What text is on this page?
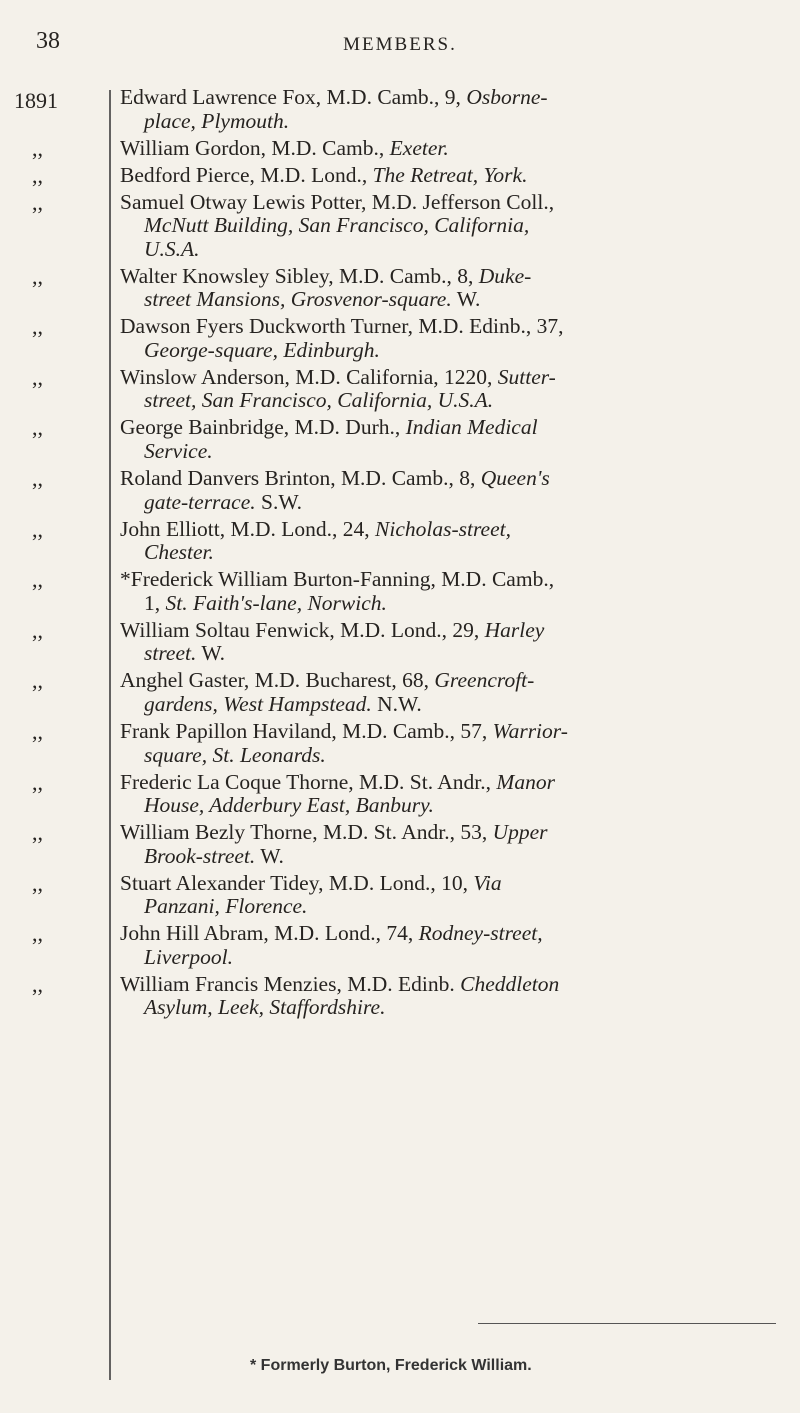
38	MEMBERS.
1891	Edward Lawrence Fox, M.D. Camb., 9, Osborne-
place, Plymouth.
,,	William Gordon, M.D. Camb., Exeter.
,,	Bedford Pierce, M.D. Lond., The Retreat, York.
,,	Samuel Otway Lewis Potter, M.D. Jefferson Coll.,
McNutt Building, San Francisco, California,
U.S.A.
,,	Walter Knowsley Sibley, M.D. Camb., 8, Duke-
street Mansions, Grosvenor-square. W.
,,	Dawson Fyers Duckworth Turner, M.D. Edinb., 37,
George-square, Edinburgh.
,,	Winslow Anderson, M.D. California, 1220, Sutter-
street, San Francisco, California, U.S.A.
,,	George Bainbridge, M.D. Durh., Indian Medical
Service.
,,	Roland Danvers Brinton, M.D. Camb., 8, Queen's
gate-terrace. S.W.
,,	John Elliott, M.D. Lond., 24, Nicholas-street,
Chester.
,,	*Frederick William Burton-Fanning, M.D. Camb.,
1, St. Faith's-lane, Norwich.
,,	William Soltau Fenwick, M.D. Lond., 29, Harley
street. W.
,,	Anghel Gaster, M.D. Bucharest, 68, Greencroft-
gardens, West Hampstead. N.W.
,,	Frank Papillon Haviland, M.D. Camb., 57, Warrior-
square, St. Leonards.
,,	Frederic La Coque Thorne, M.D. St. Andr., Manor
House, Adderbury East, Banbury.
,,	William Bezly Thorne, M.D. St. Andr., 53, Upper
Brook-street. W.
,,	Stuart Alexander Tidey, M.D. Lond., 10, Via
Panzani, Florence.
,,	John Hill Abram, M.D. Lond., 74, Rodney-street,
Liverpool.
,,	William Francis Menzies, M.D. Edinb. Cheddleton
Asylum, Leek, Staffordshire.
* Formerly Burton, Frederick William.
